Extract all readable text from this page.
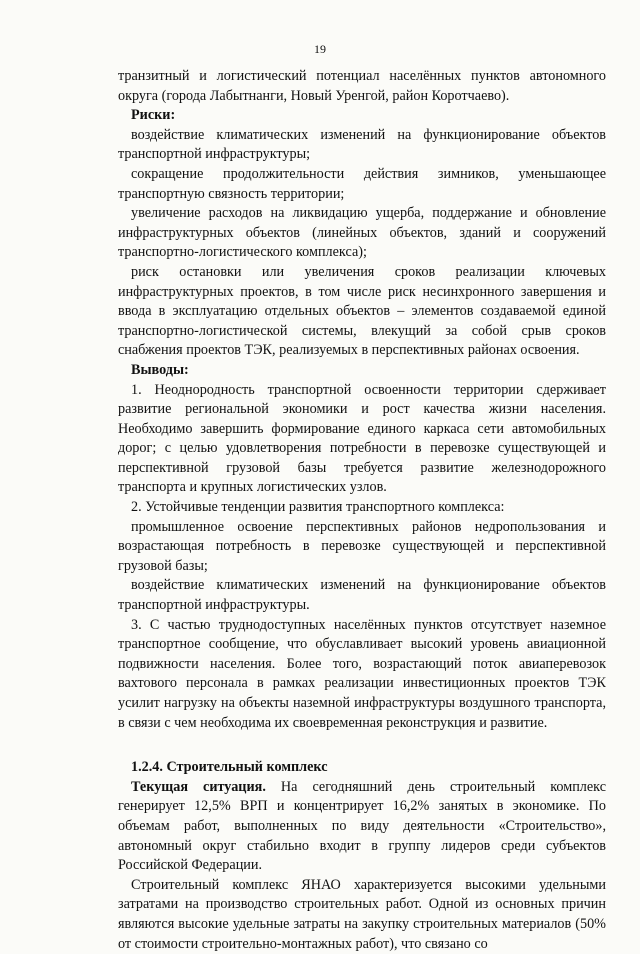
19

транзитный и логистический потенциал населённых пунктов автономного округа (города Лабытнанги, Новый Уренгой, район Коротчаево).

Риски:

воздействие климатических изменений на функционирование объектов транспортной инфраструктуры;

сокращение продолжительности действия зимников, уменьшающее транспортную связность территории;

увеличение расходов на ликвидацию ущерба, поддержание и обновление инфраструктурных объектов (линейных объектов, зданий и сооружений транспортно-логистического комплекса);

риск остановки или увеличения сроков реализации ключевых инфраструктурных проектов, в том числе риск несинхронного завершения и ввода в эксплуатацию отдельных объектов – элементов создаваемой единой транспортно-логистической системы, влекущий за собой срыв сроков снабжения проектов ТЭК, реализуемых в перспективных районах освоения.

Выводы:

1. Неоднородность транспортной освоенности территории сдерживает развитие региональной экономики и рост качества жизни населения. Необходимо завершить формирование единого каркаса сети автомобильных дорог; с целью удовлетворения потребности в перевозке существующей и перспективной грузовой базы требуется развитие железнодорожного транспорта и крупных логистических узлов.

2. Устойчивые тенденции развития транспортного комплекса:

промышленное освоение перспективных районов недропользования и возрастающая потребность в перевозке существующей и перспективной грузовой базы;

воздействие климатических изменений на функционирование объектов транспортной инфраструктуры.

3. С частью труднодоступных населённых пунктов отсутствует наземное транспортное сообщение, что обуславливает высокий уровень авиационной подвижности населения. Более того, возрастающий поток авиаперевозок вахтового персонала в рамках реализации инвестиционных проектов ТЭК усилит нагрузку на объекты наземной инфраструктуры воздушного транспорта, в связи с чем необходима их своевременная реконструкция и развитие.

1.2.4. Строительный комплекс

Текущая ситуация. На сегодняшний день строительный комплекс генерирует 12,5% ВРП и концентрирует 16,2% занятых в экономике. По объемам работ, выполненных по виду деятельности «Строительство», автономный округ стабильно входит в группу лидеров среди субъектов Российской Федерации.

Строительный комплекс ЯНАО характеризуется высокими удельными затратами на производство строительных работ. Одной из основных причин являются высокие удельные затраты на закупку строительных материалов (50% от стоимости строительно-монтажных работ), что связано со
